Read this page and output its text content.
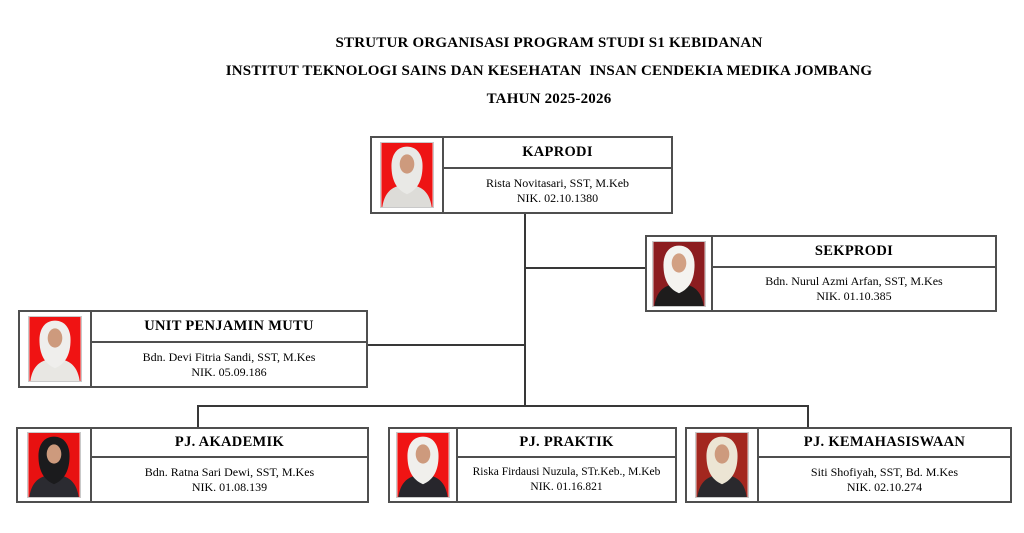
STRUTUR ORGANISASI PROGRAM STUDI S1 KEBIDANAN
INSTITUT TEKNOLOGI SAINS DAN KESEHATAN  INSAN CENDEKIA MEDIKA JOMBANG
TAHUN 2025-2026
KAPRODI
Rista Novitasari, SST, M.Keb
NIK. 02.10.1380
SEKPRODI
Bdn. Nurul Azmi Arfan, SST, M.Kes
NIK. 01.10.385
UNIT PENJAMIN MUTU
Bdn. Devi Fitria Sandi, SST, M.Kes
NIK. 05.09.186
PJ. AKADEMIK
Bdn. Ratna Sari Dewi, SST, M.Kes
NIK. 01.08.139
PJ. PRAKTIK
Riska Firdausi Nuzula, STr.Keb., M.Keb
NIK. 01.16.821
PJ. KEMAHASISWAAN
Siti Shofiyah, SST, Bd. M.Kes
NIK. 02.10.274
